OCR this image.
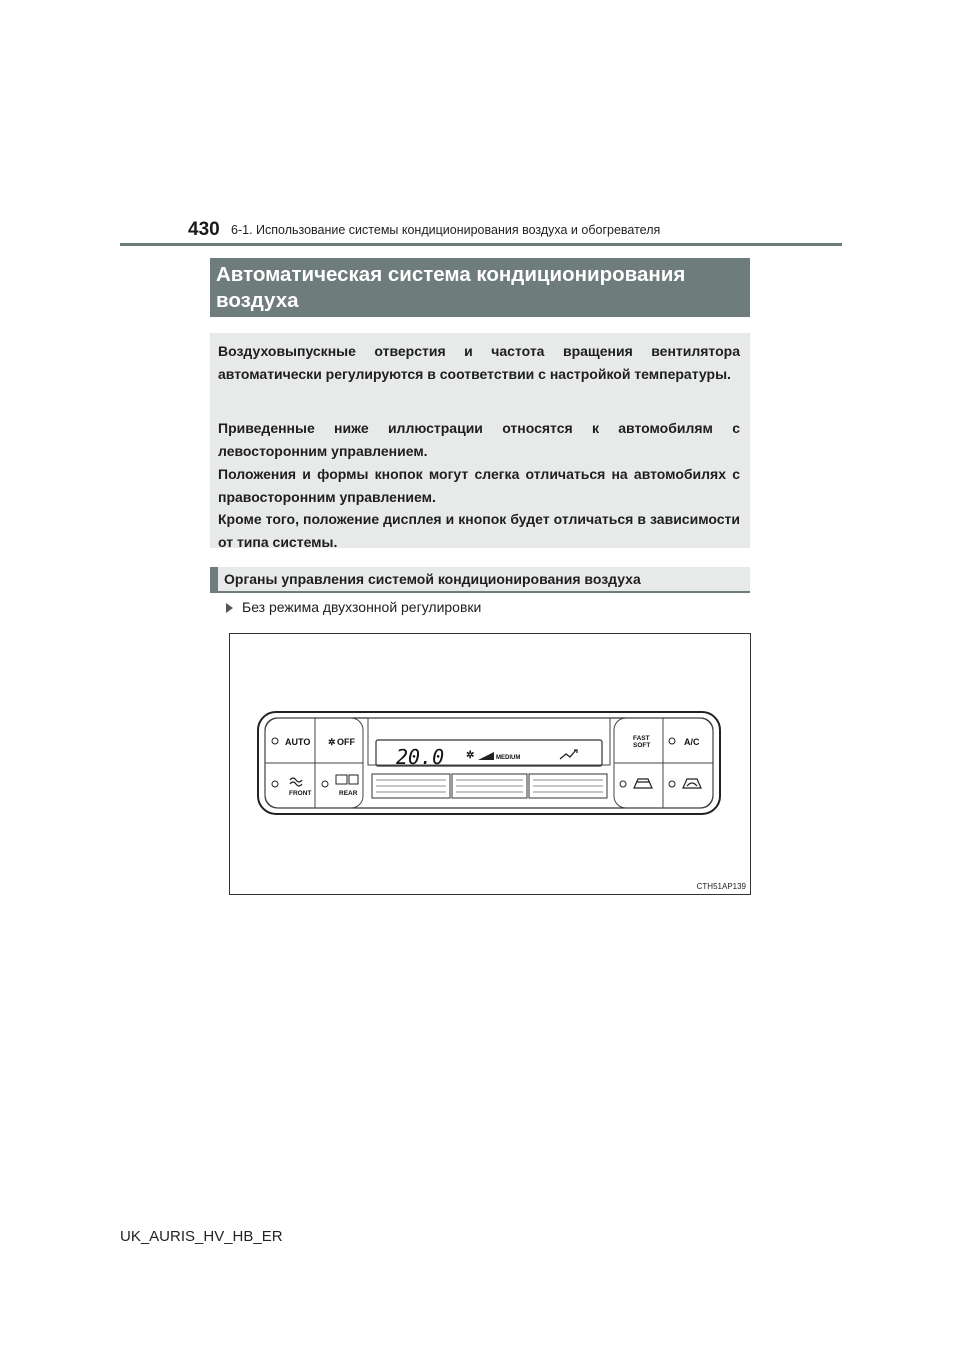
430 6-1. Использование системы кондиционирования воздуха и обогревателя
Автоматическая система кондиционирования воздуха

Воздуховыпускные отверстия и частота вращения вентилятора автоматически регулируются в соответствии с настройкой температуры.

Приведенные ниже иллюстрации относятся к автомобилям с левосторонним управлением.

Положения и формы кнопок могут слегка отличаться на автомобилях с правосторонним управлением.

Кроме того, положение дисплея и кнопок будет отличаться в зависимости от типа системы.

Органы управления системой кондиционирования воздуха
Без режима двухзонной регулировки
AUTO ✲ OFF
FRONT	REAR
FAST
SOFT	A/C
20.0 ✲	MEDIUM
CTH51AP139
UK_AURIS_HV_HB_ER
